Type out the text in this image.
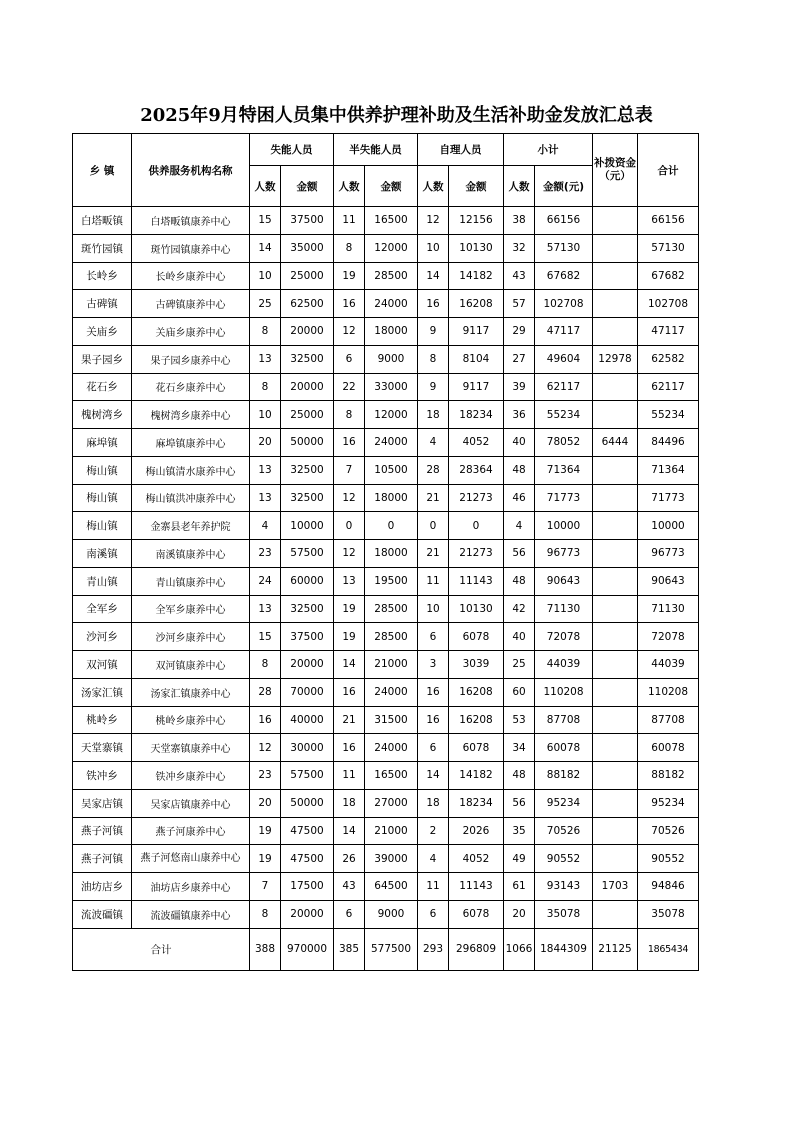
2025年9月特困人员集中供养护理补助及生活补助金发放汇总表
乡 镇	供养服务机构名称	失能人员		半失能人员		自理人员		小计		补拨资金（元）	合计
		人数	金额	人数	金额	人数	金额	人数	金额(元)		
白塔畈镇	白塔畈镇康养中心	15	37500	11	16500	12	12156	38	66156		66156
斑竹园镇	斑竹园镇康养中心	14	35000	8	12000	10	10130	32	57130		57130
长岭乡	长岭乡康养中心	10	25000	19	28500	14	14182	43	67682		67682
古碑镇	古碑镇康养中心	25	62500	16	24000	16	16208	57	102708		102708
关庙乡	关庙乡康养中心	8	20000	12	18000	9	9117	29	47117		47117
果子园乡	果子园乡康养中心	13	32500	6	9000	8	8104	27	49604	12978	62582
花石乡	花石乡康养中心	8	20000	22	33000	9	9117	39	62117		62117
槐树湾乡	槐树湾乡康养中心	10	25000	8	12000	18	18234	36	55234		55234
麻埠镇	麻埠镇康养中心	20	50000	16	24000	4	4052	40	78052	6444	84496
梅山镇	梅山镇清水康养中心	13	32500	7	10500	28	28364	48	71364		71364
梅山镇	梅山镇洪冲康养中心	13	32500	12	18000	21	21273	46	71773		71773
梅山镇	金寨县老年养护院	4	10000	0	0	0	0	4	10000		10000
南溪镇	南溪镇康养中心	23	57500	12	18000	21	21273	56	96773		96773
青山镇	青山镇康养中心	24	60000	13	19500	11	11143	48	90643		90643
全军乡	全军乡康养中心	13	32500	19	28500	10	10130	42	71130		71130
沙河乡	沙河乡康养中心	15	37500	19	28500	6	6078	40	72078		72078
双河镇	双河镇康养中心	8	20000	14	21000	3	3039	25	44039		44039
汤家汇镇	汤家汇镇康养中心	28	70000	16	24000	16	16208	60	110208		110208
桃岭乡	桃岭乡康养中心	16	40000	21	31500	16	16208	53	87708		87708
天堂寨镇	天堂寨镇康养中心	12	30000	16	24000	6	6078	34	60078		60078
铁冲乡	铁冲乡康养中心	23	57500	11	16500	14	14182	48	88182		88182
吴家店镇	吴家店镇康养中心	20	50000	18	27000	18	18234	56	95234		95234
燕子河镇	燕子河康养中心	19	47500	14	21000	2	2026	35	70526		70526
燕子河镇	燕子河悠南山康养中心	19	47500	26	39000	4	4052	49	90552		90552
油坊店乡	油坊店乡康养中心	7	17500	43	64500	11	11143	61	93143	1703	94846
流波礓镇	流波礓镇康养中心	8	20000	6	9000	6	6078	20	35078		35078
合计		388	970000	385	577500	293	296809	1066	1844309	21125	1865434
